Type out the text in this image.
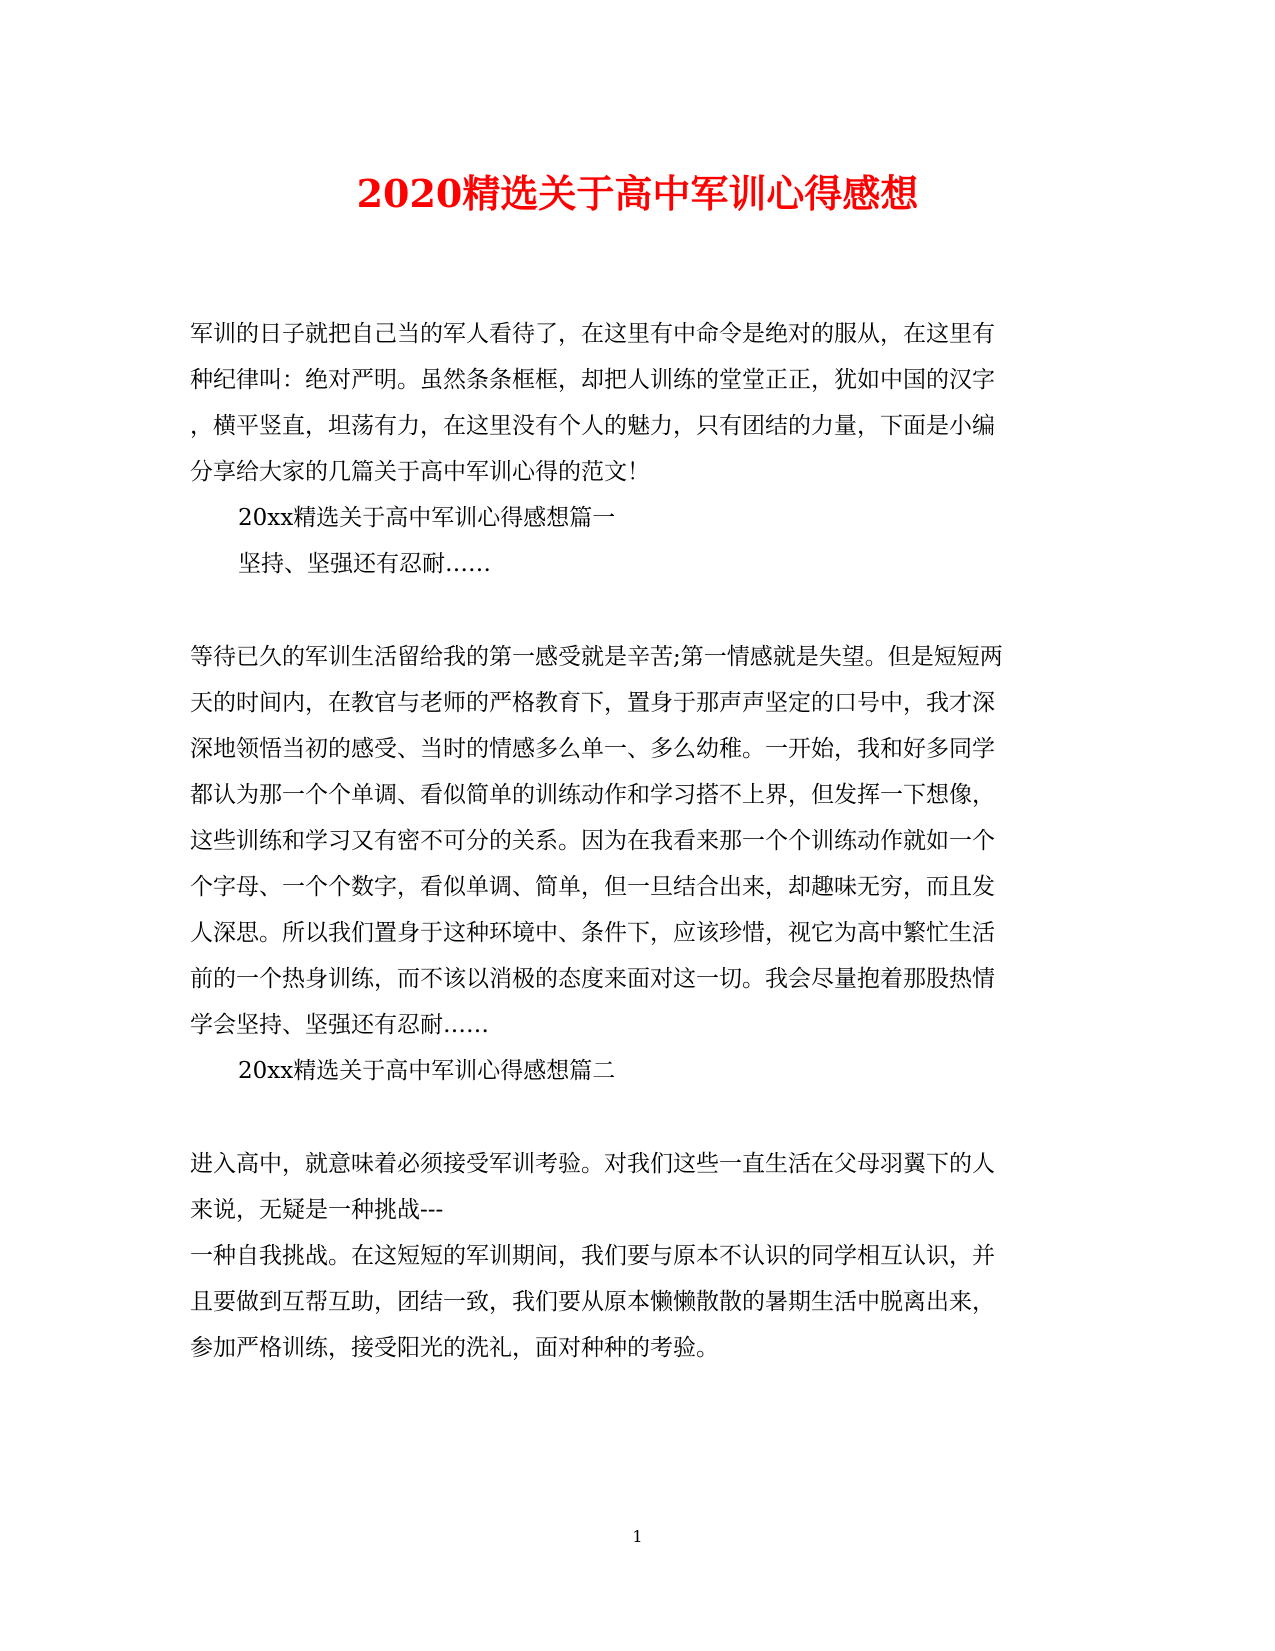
2020精选关于高中军训心得感想
军训的日子就把自己当的军人看待了，在这里有中命令是绝对的服从，在这里有
种纪律叫：绝对严明。虽然条条框框，却把人训练的堂堂正正，犹如中国的汉字
，横平竖直，坦荡有力，在这里没有个人的魅力，只有团结的力量，下面是小编
分享给大家的几篇关于高中军训心得的范文！
20xx精选关于高中军训心得感想篇一
坚持、坚强还有忍耐……
等待已久的军训生活留给我的第一感受就是辛苦;第一情感就是失望。但是短短两
天的时间内，在教官与老师的严格教育下，置身于那声声坚定的口号中，我才深
深地领悟当初的感受、当时的情感多么单一、多么幼稚。一开始，我和好多同学
都认为那一个个单调、看似简单的训练动作和学习搭不上界，但发挥一下想像，
这些训练和学习又有密不可分的关系。因为在我看来那一个个训练动作就如一个
个字母、一个个数字，看似单调、简单，但一旦结合出来，却趣味无穷，而且发
人深思。所以我们置身于这种环境中、条件下，应该珍惜，视它为高中繁忙生活
前的一个热身训练，而不该以消极的态度来面对这一切。我会尽量抱着那股热情
学会坚持、坚强还有忍耐……
20xx精选关于高中军训心得感想篇二
进入高中，就意味着必须接受军训考验。对我们这些一直生活在父母羽翼下的人
来说，无疑是一种挑战---
一种自我挑战。在这短短的军训期间，我们要与原本不认识的同学相互认识，并
且要做到互帮互助，团结一致，我们要从原本懒懒散散的暑期生活中脱离出来，
参加严格训练，接受阳光的洗礼，面对种种的考验。
1
